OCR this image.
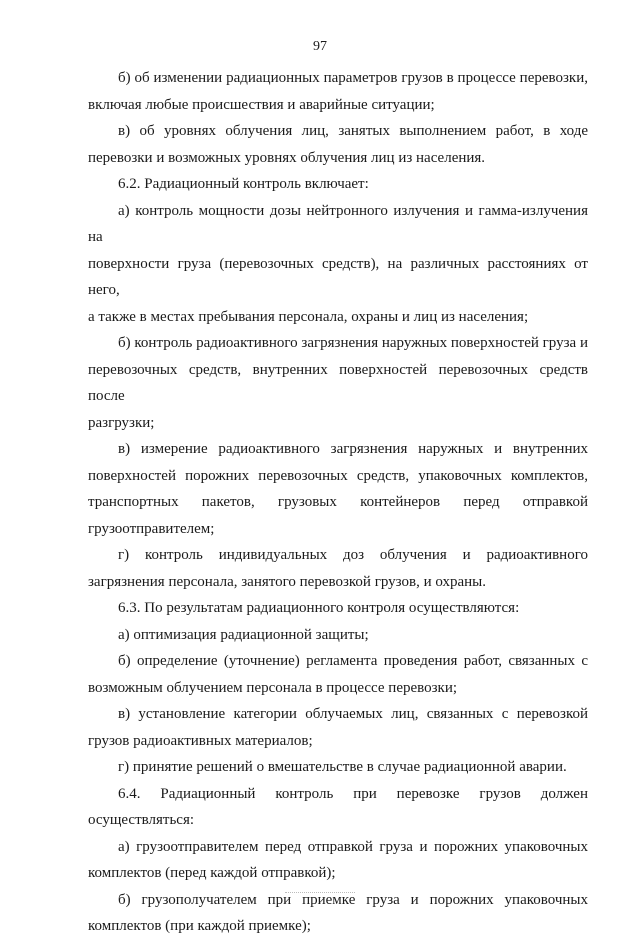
97

б) об изменении радиационных параметров грузов в процессе перевозки,
включая любые происшествия и аварийные ситуации;

в) об уровнях облучения лиц, занятых выполнением работ, в ходе
перевозки и возможных уровнях облучения лиц из населения.

6.2. Радиационный контроль включает:

а) контроль мощности дозы нейтронного излучения и гамма-излучения на
поверхности груза (перевозочных средств), на различных расстояниях от него,
а также в местах пребывания персонала, охраны и лиц из населения;

б) контроль радиоактивного загрязнения наружных поверхностей груза и
перевозочных средств, внутренних поверхностей перевозочных средств после
разгрузки;

в) измерение радиоактивного загрязнения наружных и внутренних
поверхностей порожних перевозочных средств, упаковочных комплектов,
транспортных пакетов, грузовых контейнеров перед отправкой
грузоотправителем;

г) контроль индивидуальных доз облучения и радиоактивного
загрязнения персонала, занятого перевозкой грузов, и охраны.

6.3. По результатам радиационного контроля осуществляются:

а) оптимизация радиационной защиты;

б) определение (уточнение) регламента проведения работ, связанных с
возможным облучением персонала в процессе перевозки;

в) установление категории облучаемых лиц, связанных с перевозкой
грузов радиоактивных материалов;

г) принятие решений о вмешательстве в случае радиационной аварии.

6.4. Радиационный контроль при перевозке грузов должен
осуществляться:

а) грузоотправителем перед отправкой груза и порожних упаковочных
комплектов (перед каждой отправкой);

б) грузополучателем при приемке груза и порожних упаковочных
комплектов (при каждой приемке);
